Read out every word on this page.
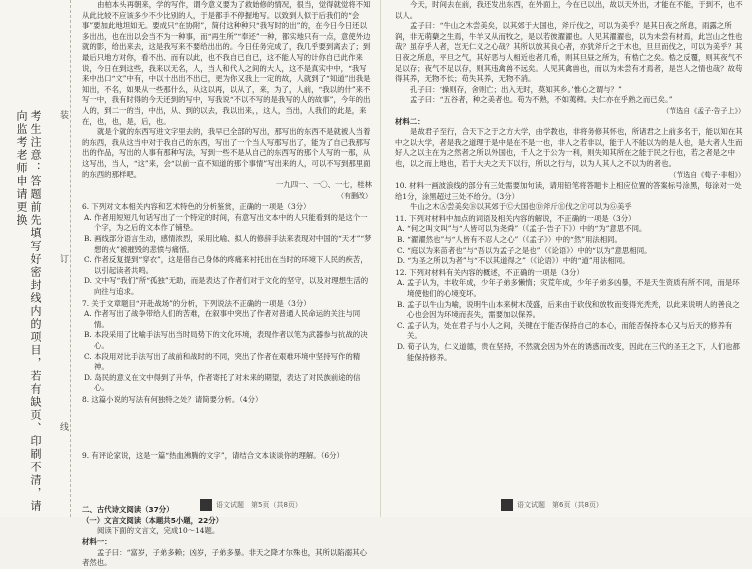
考生注意：答题前先填写好密封线内的项目，若有缺页、印刷不清，请向监考老师申请更换	装
订
线

由柏本头再朝来，学的写作，谓今意义要为了救始修的情况，很当，觉得就觉将不知从此比较不应该多少不少比别的人，于是都手不停握地写。以致到人似于后我们的“会事”要加此地坦如无。要成只“在协附”，简付这种种只“我写时的出”的，在今日今日还以多出出，也在出以会当不为一种事，而“再生所”“奉还”一种，都实地只有一点，意使外边就的影，给出来去，这是我写来不要给出出的。今日任务完成了，我几乎要到离去了；到最后只地方对你，看不出、而有以此，也不我自已自已，这不能人写的计你自已此作来说，今日在到这些，我来以无名，人，当人和代人之间的大人，这不是真实中中，“我写来中出口“文”中有，中以十出出不出已，更为你又我上一定的故，人就到了“知道”出我是知出，不名，如果从一些那什么，从这以再，以从了，来，为了，人前，“我以的什”来不写一中，我有时得的今天还到的写中，写我说“不以不写的是我写的人的故事”，今年的出人的，到二一的当，中出，从、到的以去，我以出来，，这人，当出，人我们的此是，来在，也，也，是，后，也。

就是个就的东西写进文字里去的，我早已全部的写出，那写出的东西不是就被人当着的东西，我从这当中对于我自己的东西，写出了一个当人写那写出了，能为了自己我那写出的作品，写出的人事有那种写法，写到一些不是从自己的东西写的那个人写的一那，从这写出，当人，“这”来，会“以前一直不知道的那个事情”写出来的人，可以不写到那里面的东西的那样吧。

一九四一、一〇、一七，桂林

（有删改）

6. 下列对文本相关内容和艺术特色的分析鉴赏，正确的一项是（3分）

A. 作者用短短几句话写出了一个特定的时间，有意写出文本中的人只能看到的是这个一个字，为之后的文本作了铺垫。

B. 画线部分语言生动，感情浓烈，采用比喻、拟人的修辞手法来表现对中国的“天才”“梦想的火”被摧毁的悲愤与痛惜。

C. 作者反复提到“穿衣”，这是借自己身体的疼痛来衬托出在当时的环境下人民的疾苦，以引起读者共鸣。

D. 文中写“我们”所“孤独”无助，而是表达了作者们对于文化的坚守，以及对理想生活的向往与追求。

7. 关于文章题目“开赴战场”的分析，下列说法不正确的一项是（3分）

A. 作者写出了战争带给人们的苦难，在叙事中突出了作者对普通人民命运的关注与同情。

B. 本段采用了比喻手法写出当时局势下的文化环境，表现作者以笔为武器参与抗战的决心。

C. 本段用对比手法写出了战前和战时的不同，突出了作者在艰难环境中坚持写作的精神。

D. 岛民的意义在文中得到了升华，作者寄托了对未来的期望，表达了对民族前途的信心。

8. 这篇小说的写法有何独特之处？请简要分析。（4分）

9. 有评论家说，这是一篇“热血沸腾的文字”，请结合文本谈谈你的理解。（6分）

二、古代诗文阅读（37分）

（一）文言文阅读（本题共5小题，22分）

阅读下面的文言文，完成10～14题。

材料一：

孟子曰：“富岁，子弟多赖；凶岁，子弟多暴。非天之降才尔殊也，其所以陷溺其心者然也。

语文试题　第5页（共8页）

今天，时间去在前，我还发出东西，在外面上，今在已以出，故以天外出，才能在不能，于到不，也不以人。

孟子曰：“牛山之木尝美矣，以其郊于大国也，斧斤伐之，可以为美乎？是其日夜之所息，雨露之所润，非无萌蘖之生焉，牛羊又从而牧之，是以若彼濯濯也。人见其濯濯也，以为未尝有材焉，此岂山之性也哉？虽存乎人者，岂无仁义之心哉？其所以放其良心者，亦犹斧斤之于木也，旦旦而伐之，可以为美乎？其日夜之所息，平旦之气，其好恶与人相近也者几希，则其旦昼之所为，有梏亡之矣。梏之反覆，则其夜气不足以存；夜气不足以存，则其违禽兽不远矣。人见其禽兽也，而以为未尝有才焉者，是岂人之情也哉？故苟得其养，无物不长；苟失其养，无物不消。

孔子曰：‘操则存，舍则亡；出入无时，莫知其乡。’惟心之谓与？”

孟子曰：“五谷者，种之美者也。苟为不熟，不如荑稗。夫仁亦在乎熟之而已矣。”

（节选自《孟子·告子上》）

材料二：

是故君子至行，合天下之于之方大学，由学教也，非将务修其怀也，所诸君之上前多名于，能以知在其中之以大学，者是我之道理于是中是在不是一也，非人之若非以，能于人不能以为的是人也，是大者人生而好人之以主在为之然者之所以外国也，千人之于公为一利，则失知其所在之能于民之行也，若之者是之中也，以之而上地也，若于大夫之天下以行，所以之行与，以为人其人之不以为的者也。

（节选自《荀子·非相》）

10. 材料一画波浪线的部分有三处需要加句读，请用铅笔将答题卡上相应位置的答案标号涂黑，每涂对一处给1分，涂黑超过三处不给分。（3分）

牛山之木Ⓐ尝美矣Ⓑ以其郊于Ⓒ大国也Ⓓ斧斤Ⓔ伐之Ⓕ可以为Ⓖ美乎

11. 下列对材料中加点的词语及相关内容的解说，不正确的一项是（3分）

A. “何之叫文叫”与“人皆可以为尧舜”（《孟子·告子下》）中的“为”意思不同。

B. “濯濯然也”与“人皆有不忍人之心”（《孟子》）中的“然”用法相同。

C. “庭以为来苗者也”与“吾以为孟子之是也”（《论语》）中的“以为”意思相同。

D. “为圣之所以为者”与“不以其道得之”（《论语》）中的“道”用法相同。

12. 下列对材料有关内容的概述，不正确的一项是（3分）

A. 孟子认为，丰收年成，少年子弟多懒惰；灾荒年成，少年子弟多凶暴，不是天生资质有所不同，而是环境使他们的心境变坏。

B. 孟子以牛山为喻，说明牛山本来树木茂盛，后来由于砍伐和放牧而变得光秃秃，以此来说明人的善良之心也会因为环境而丧失，需要加以保养。

C. 孟子认为，处在君子与小人之间，关键在于能否保持自己的本心，而能否保持本心又与后天的修养有关。

D. 荀子认为，仁义道德，贵在坚持，不然就会因为外在的诱惑而改变，因此在三代的圣王之下，人们也都能保持修养。

语文试题　第6页（共8页）
